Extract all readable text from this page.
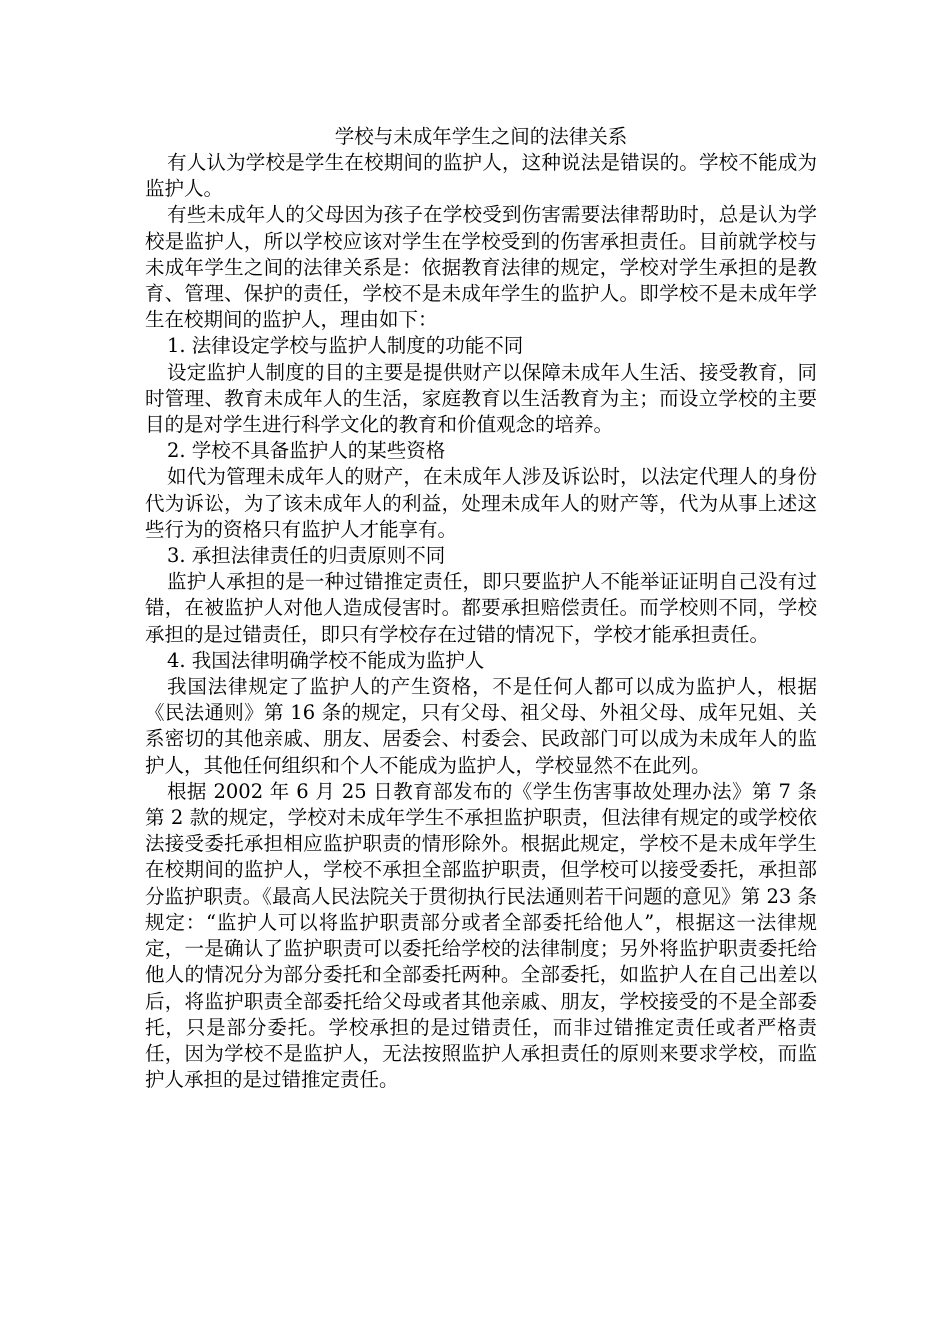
学校与未成年学生之间的法律关系

有人认为学校是学生在校期间的监护人，这种说法是错误的。学校不能成为监护人。

有些未成年人的父母因为孩子在学校受到伤害需要法律帮助时，总是认为学校是监护人，所以学校应该对学生在学校受到的伤害承担责任。目前就学校与未成年学生之间的法律关系是：依据教育法律的规定，学校对学生承担的是教育、管理、保护的责任，学校不是未成年学生的监护人。即学校不是未成年学生在校期间的监护人，理由如下：

1. 法律设定学校与监护人制度的功能不同

设定监护人制度的目的主要是提供财产以保障未成年人生活、接受教育，同时管理、教育未成年人的生活，家庭教育以生活教育为主；而设立学校的主要目的是对学生进行科学文化的教育和价值观念的培养。

2. 学校不具备监护人的某些资格

如代为管理未成年人的财产，在未成年人涉及诉讼时，以法定代理人的身份代为诉讼，为了该未成年人的利益，处理未成年人的财产等，代为从事上述这些行为的资格只有监护人才能享有。

3. 承担法律责任的归责原则不同

监护人承担的是一种过错推定责任，即只要监护人不能举证证明自己没有过错，在被监护人对他人造成侵害时。都要承担赔偿责任。而学校则不同，学校承担的是过错责任，即只有学校存在过错的情况下，学校才能承担责任。

4. 我国法律明确学校不能成为监护人

我国法律规定了监护人的产生资格，不是任何人都可以成为监护人，根据《民法通则》第 16 条的规定，只有父母、祖父母、外祖父母、成年兄姐、关系密切的其他亲戚、朋友、居委会、村委会、民政部门可以成为未成年人的监护人，其他任何组织和个人不能成为监护人，学校显然不在此列。

根据 2002 年 6 月 25 日教育部发布的《学生伤害事故处理办法》第 7 条第 2 款的规定，学校对未成年学生不承担监护职责，但法律有规定的或学校依法接受委托承担相应监护职责的情形除外。根据此规定，学校不是未成年学生在校期间的监护人，学校不承担全部监护职责，但学校可以接受委托，承担部分监护职责。《最高人民法院关于贯彻执行民法通则若干问题的意见》第 23 条规定：“监护人可以将监护职责部分或者全部委托给他人”，根据这一法律规定，一是确认了监护职责可以委托给学校的法律制度；另外将监护职责委托给他人的情况分为部分委托和全部委托两种。全部委托，如监护人在自己出差以后，将监护职责全部委托给父母或者其他亲戚、朋友，学校接受的不是全部委托，只是部分委托。学校承担的是过错责任，而非过错推定责任或者严格责任，因为学校不是监护人，无法按照监护人承担责任的原则来要求学校，而监护人承担的是过错推定责任。
